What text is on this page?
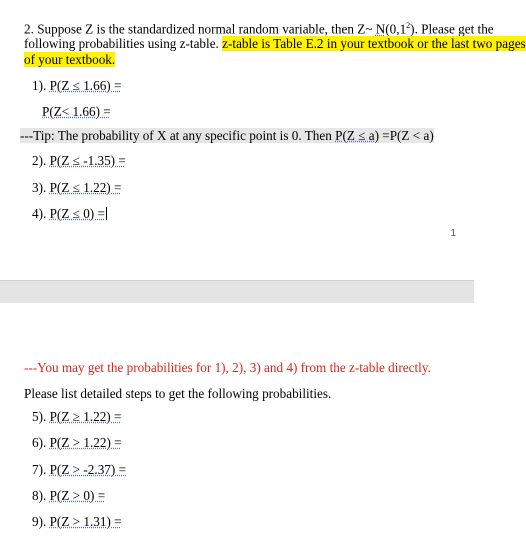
2. Suppose Z is the standardized normal random variable, then Z~ $N(0,1^2)$. Please get the
following probabilities using z-table. z-table is Table E.2 in your textbook or the last two pages
of your textbook.
1). P(Z ≤ 1.66) =
P(Z< 1.66) =
---Tip: The probability of X at any specific point is 0. Then P(Z ≤ a) =P(Z < a)
2). P(Z ≤ -1.35) =
3). P(Z ≤ 1.22) =
4). P(Z ≤ 0) =
1
---You may get the probabilities for 1), 2), 3) and 4) from the z-table directly.
Please list detailed steps to get the following probabilities.
5). P(Z ≥ 1.22) =
6). P(Z > 1.22) =
7). P(Z > -2.37) =
8). P(Z > 0) =
9). P(Z > 1.31) =
